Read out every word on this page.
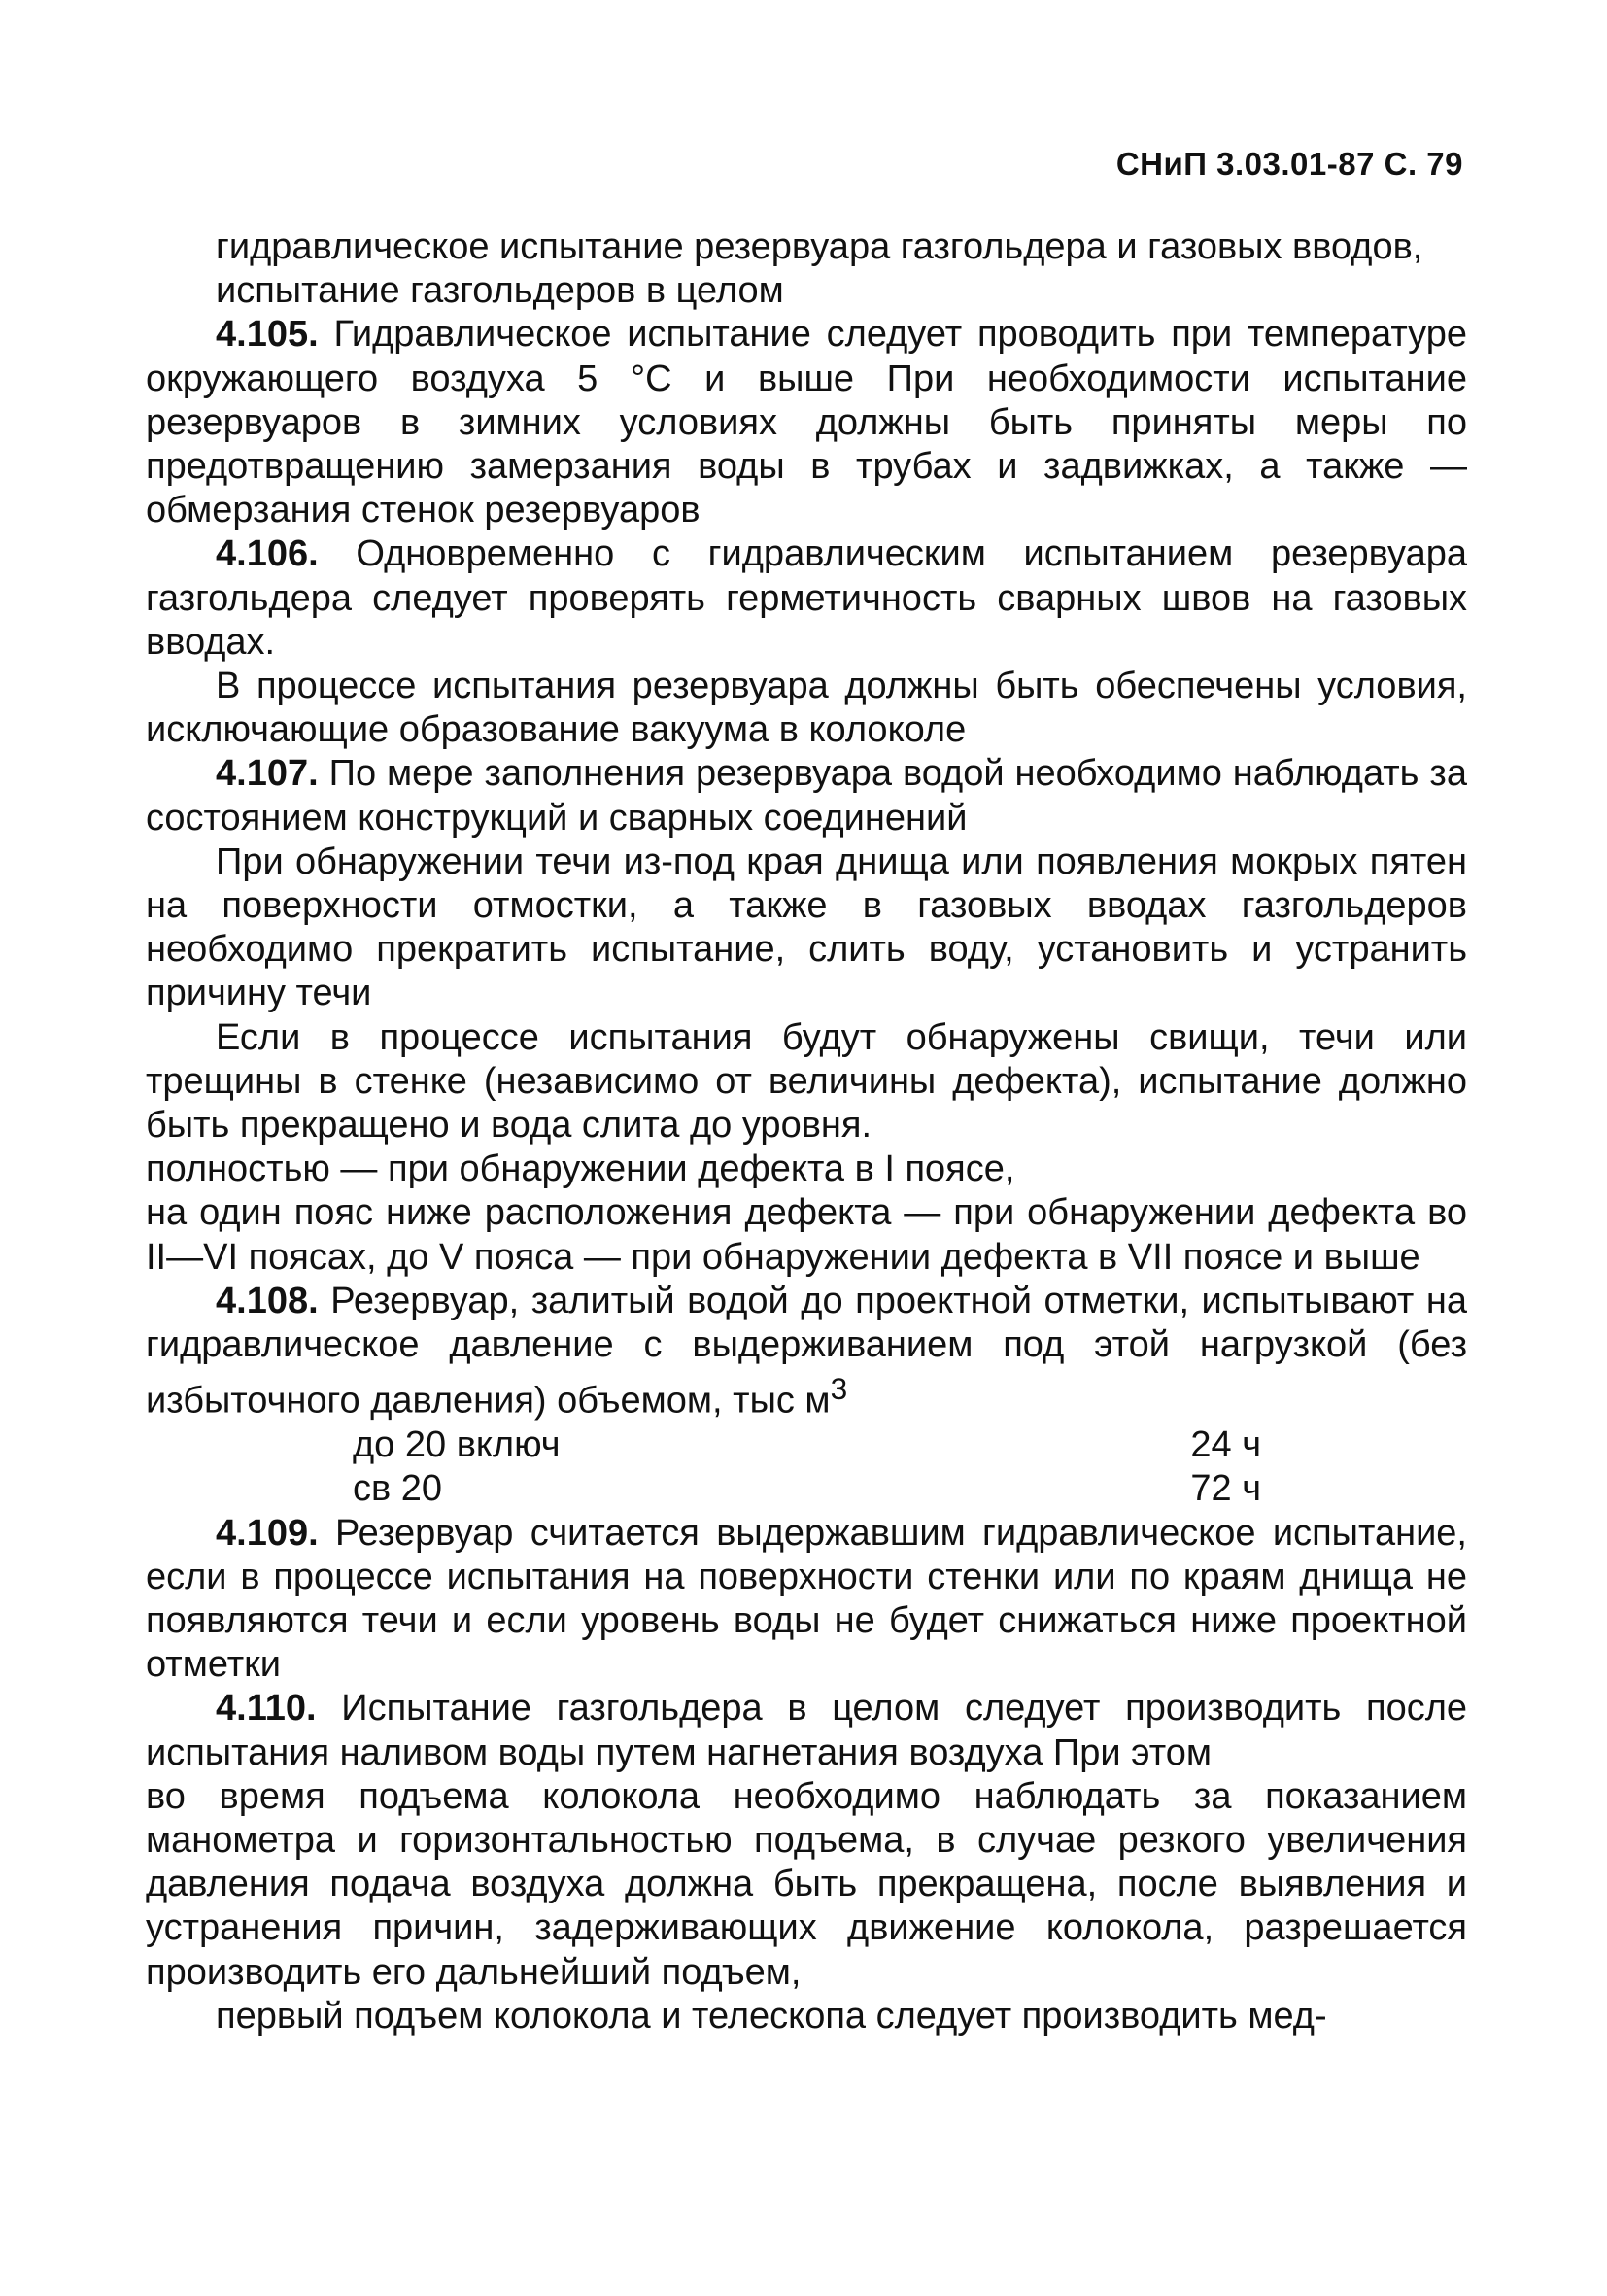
СНиП 3.03.01-87 С. 79

гидравлическое испытание резервуара газгольдера и газовых вводов,

испытание газгольдеров в целом

4.105. Гидравлическое испытание следует проводить при температуре окружающего воздуха 5 °С и выше При необходимости испытание резервуаров в зимних условиях должны быть приняты меры по предотвращению замерзания воды в трубах и задвижках, а также — обмерзания стенок резервуаров

4.106. Одновременно с гидравлическим испытанием резервуара газгольдера следует проверять герметичность сварных швов на газовых вводах.

В процессе испытания резервуара должны быть обеспечены условия, исключающие образование вакуума в колоколе

4.107. По мере заполнения резервуара водой необходимо наблюдать за состоянием конструкций и сварных соединений

При обнаружении течи из-под края днища или появления мокрых пятен на поверхности отмостки, а также в газовых вводах газгольдеров необходимо прекратить испытание, слить воду, установить и устранить причину течи

Если в процессе испытания будут обнаружены свищи, течи или трещины в стенке (независимо от величины дефекта), испытание должно быть прекращено и вода слита до уровня.

полностью — при обнаружении дефекта в I поясе,

на один пояс ниже расположения дефекта — при обнаружении дефекта во II—VI поясах, до V пояса — при обнаружении дефекта в VII поясе и выше

4.108. Резервуар, залитый водой до проектной отметки, испытывают на гидравлическое давление с выдерживанием под этой нагрузкой (без избыточного давления) объемом, тыс $м^3$

до 20 включ	24 ч
св 20	72 ч

4.109. Резервуар считается выдержавшим гидравлическое испытание, если в процессе испытания на поверхности стенки или по краям днища не появляются течи и если уровень воды не будет снижаться ниже проектной отметки

4.110. Испытание газгольдера в целом следует производить после испытания наливом воды путем нагнетания воздуха При этом

во время подъема колокола необходимо наблюдать за показанием манометра и горизонтальностью подъема, в случае резкого увеличения давления подача воздуха должна быть прекращена, после выявления и устранения причин, задерживающих движение колокола, разрешается производить его дальнейший подъем,

первый подъем колокола и телескопа следует производить мед-
